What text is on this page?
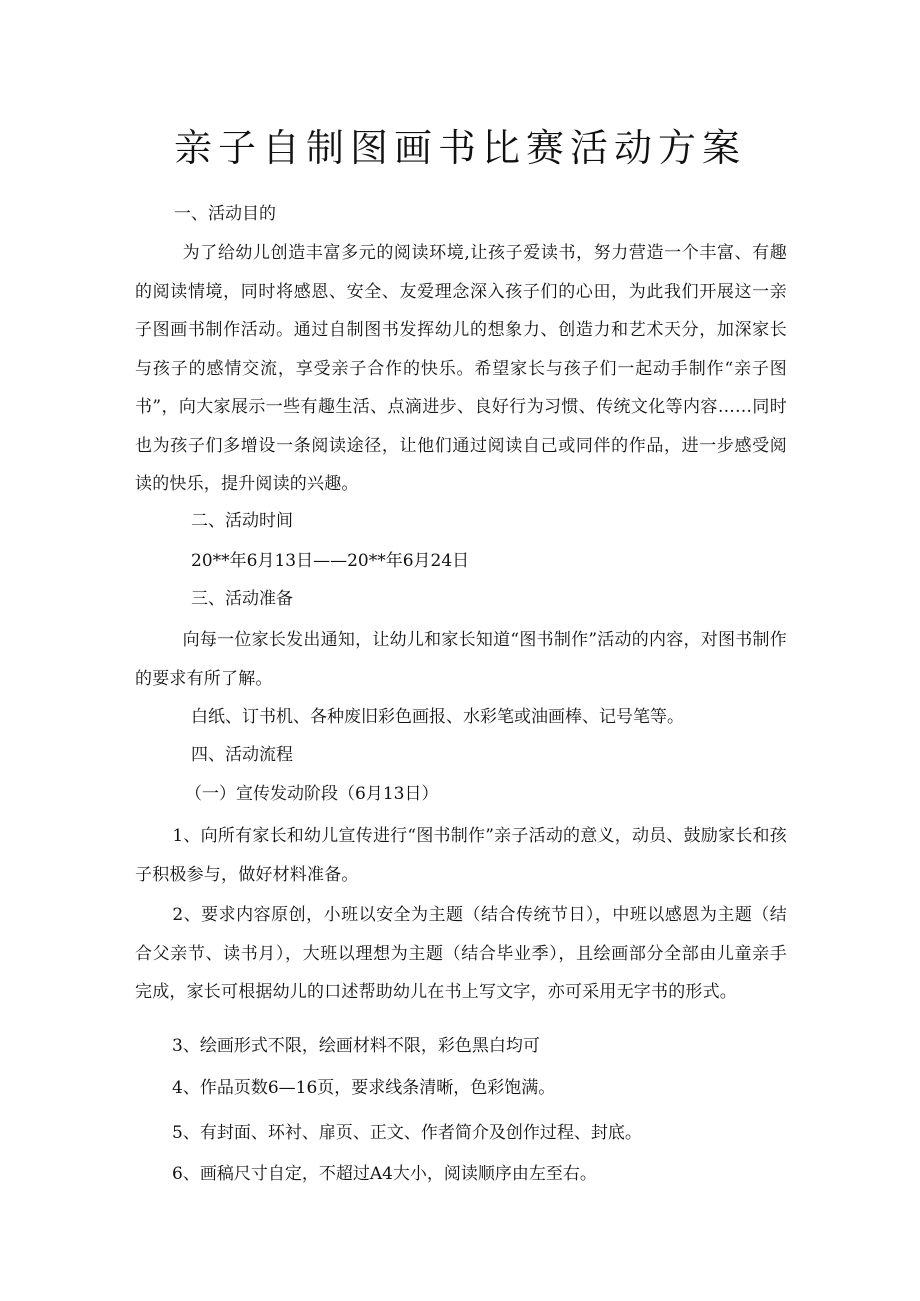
亲子自制图画书比赛活动方案

一、活动目的

为了给幼儿创造丰富多元的阅读环境,让孩子爱读书，努力营造一个丰富、有趣的阅读情境，同时将感恩、安全、友爱理念深入孩子们的心田，为此我们开展这一亲子图画书制作活动。通过自制图书发挥幼儿的想象力、创造力和艺术天分，加深家长与孩子的感情交流，享受亲子合作的快乐。希望家长与孩子们一起动手制作“亲子图书”，向大家展示一些有趣生活、点滴进步、良好行为习惯、传统文化等内容……同时也为孩子们多增设一条阅读途径，让他们通过阅读自己或同伴的作品，进一步感受阅读的快乐，提升阅读的兴趣。

二、活动时间

20**年6月13日——20**年6月24日

三、活动准备

向每一位家长发出通知，让幼儿和家长知道“图书制作”活动的内容，对图书制作的要求有所了解。

白纸、订书机、各种废旧彩色画报、水彩笔或油画棒、记号笔等。

四、活动流程

（一）宣传发动阶段（6月13日）

1、向所有家长和幼儿宣传进行“图书制作”亲子活动的意义，动员、鼓励家长和孩子积极参与，做好材料准备。

2、要求内容原创，小班以安全为主题（结合传统节日），中班以感恩为主题（结合父亲节、读书月），大班以理想为主题（结合毕业季），且绘画部分全部由儿童亲手完成，家长可根据幼儿的口述帮助幼儿在书上写文字，亦可采用无字书的形式。

3、绘画形式不限，绘画材料不限，彩色黑白均可

4、作品页数6—16页，要求线条清晰，色彩饱满。

5、有封面、环衬、扉页、正文、作者简介及创作过程、封底。

6、画稿尺寸自定，不超过A4大小，阅读顺序由左至右。
